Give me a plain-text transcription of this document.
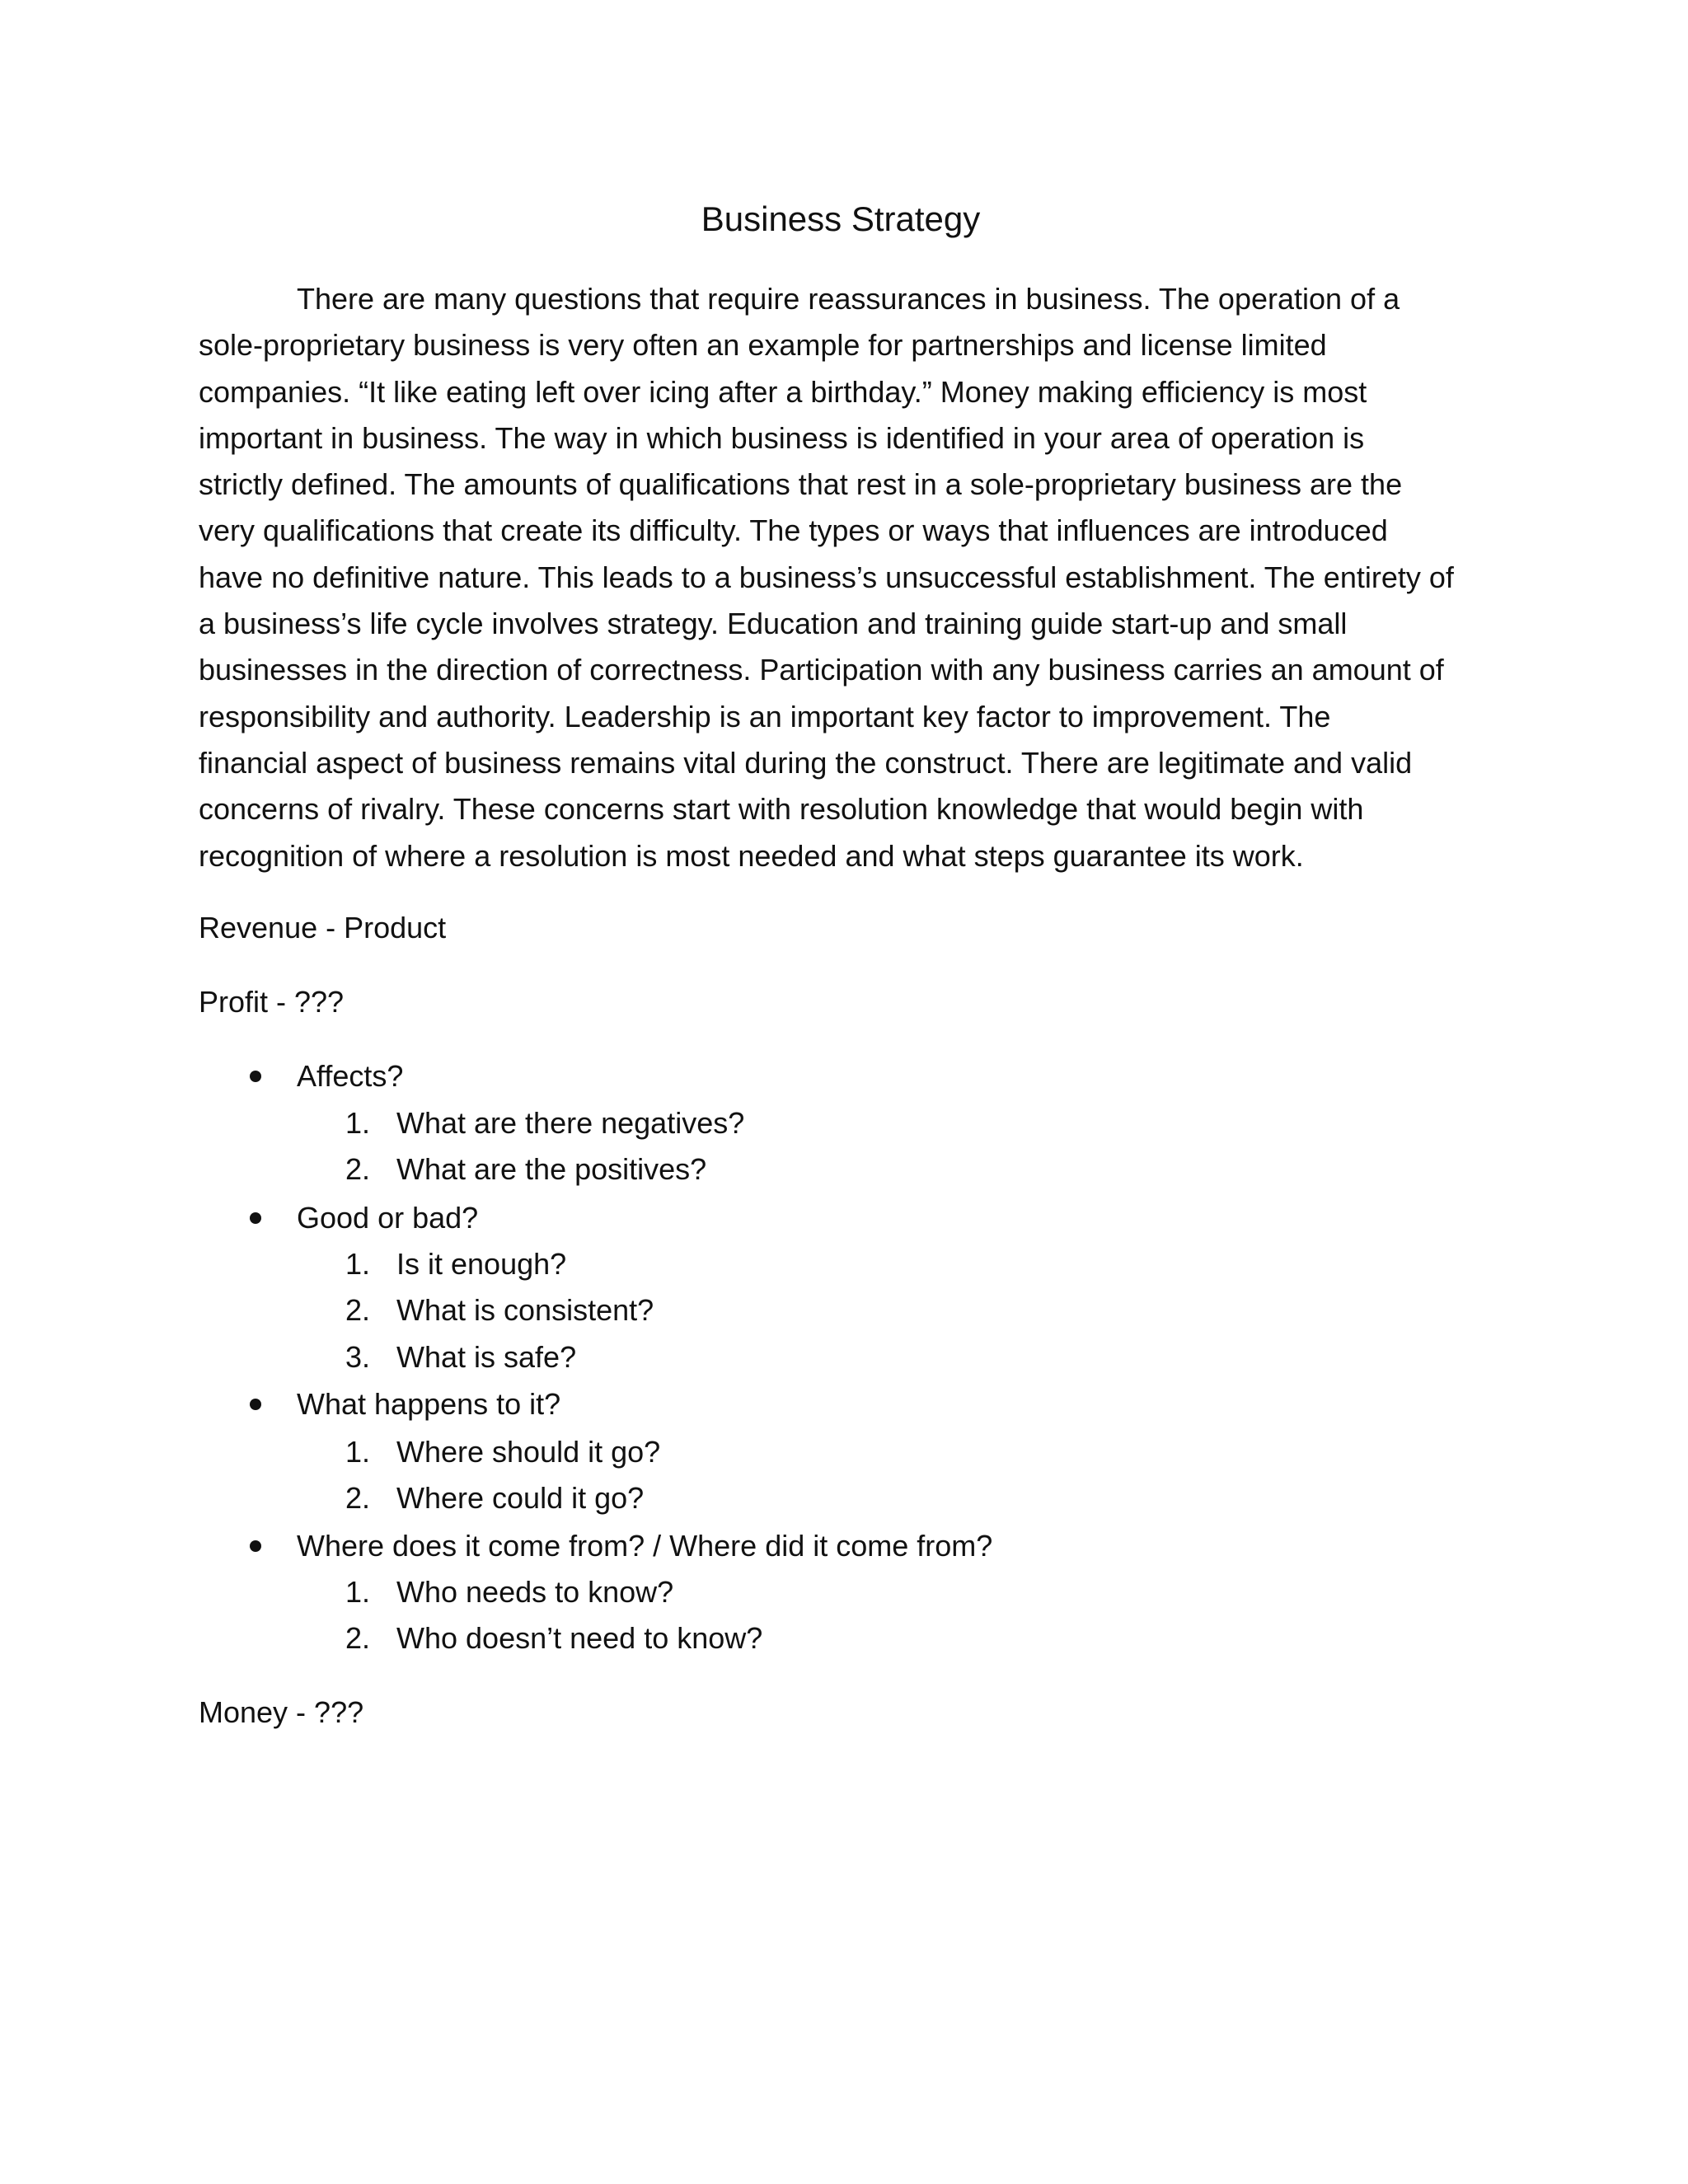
Business Strategy
There are many questions that require reassurances in business. The operation of a
sole-proprietary business is very often an example for partnerships and license limited
companies. “It like eating left over icing after a birthday.” Money making efficiency is most
important in business. The way in which business is identified in your area of operation is
strictly defined. The amounts of qualifications that rest in a sole-proprietary business are the
very qualifications that create its difficulty. The types or ways that influences are introduced
have no definitive nature. This leads to a business’s unsuccessful establishment. The entirety of
a business’s life cycle involves strategy. Education and training guide start-up and small
businesses in the direction of correctness. Participation with any business carries an amount of
responsibility and authority. Leadership is an important key factor to improvement. The
financial aspect of business remains vital during the construct. There are legitimate and valid
concerns of rivalry. These concerns start with resolution knowledge that would begin with
recognition of where a resolution is most needed and what steps guarantee its work.
Revenue - Product
Profit - ???
Affects?
1. What are there negatives?
2. What are the positives?
Good or bad?
1. Is it enough?
2. What is consistent?
3. What is safe?
What happens to it?
1. Where should it go?
2. Where could it go?
Where does it come from? / Where did it come from?
1. Who needs to know?
2. Who doesn’t need to know?
Money - ???
